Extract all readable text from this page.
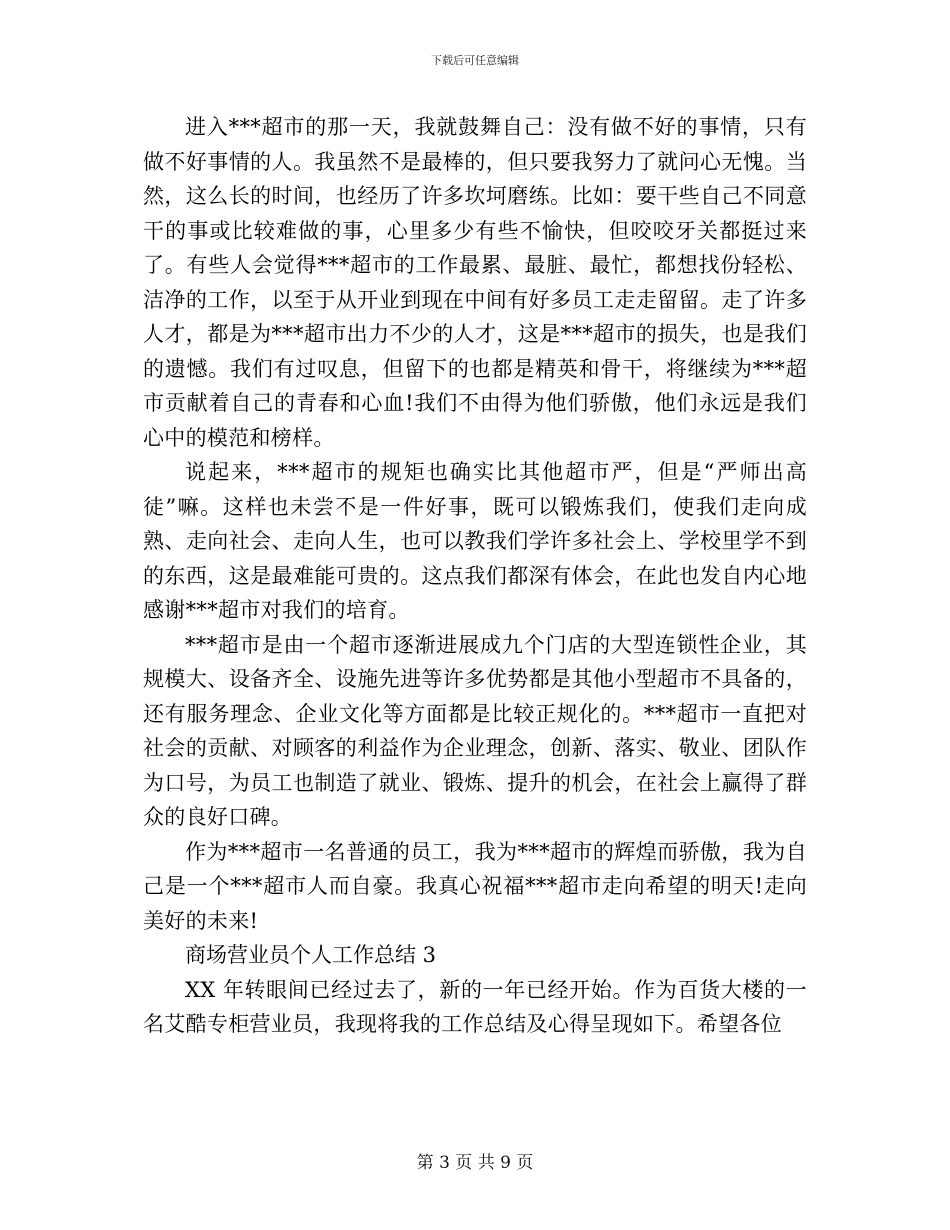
下载后可任意编辑

进入***超市的那一天，我就鼓舞自己：没有做不好的事情，只有做不好事情的人。我虽然不是最棒的，但只要我努力了就问心无愧。当然，这么长的时间，也经历了许多坎坷磨练。比如：要干些自己不同意干的事或比较难做的事，心里多少有些不愉快，但咬咬牙关都挺过来了。有些人会觉得***超市的工作最累、最脏、最忙，都想找份轻松、洁净的工作，以至于从开业到现在中间有好多员工走走留留。走了许多人才，都是为***超市出力不少的人才，这是***超市的损失，也是我们的遗憾。我们有过叹息，但留下的也都是精英和骨干，将继续为***超市贡献着自己的青春和心血!我们不由得为他们骄傲，他们永远是我们心中的模范和榜样。

说起来，***超市的规矩也确实比其他超市严，但是“严师出高徒”嘛。这样也未尝不是一件好事，既可以锻炼我们，使我们走向成熟、走向社会、走向人生，也可以教我们学许多社会上、学校里学不到的东西，这是最难能可贵的。这点我们都深有体会，在此也发自内心地感谢***超市对我们的培育。

***超市是由一个超市逐渐进展成九个门店的大型连锁性企业，其规模大、设备齐全、设施先进等许多优势都是其他小型超市不具备的，还有服务理念、企业文化等方面都是比较正规化的。***超市一直把对社会的贡献、对顾客的利益作为企业理念，创新、落实、敬业、团队作为口号，为员工也制造了就业、锻炼、提升的机会，在社会上赢得了群众的良好口碑。

作为***超市一名普通的员工，我为***超市的辉煌而骄傲，我为自己是一个***超市人而自豪。我真心祝福***超市走向希望的明天!走向美好的未来!

商场营业员个人工作总结 3

XX 年转眼间已经过去了，新的一年已经开始。作为百货大楼的一名艾酷专柜营业员，我现将我的工作总结及心得呈现如下。希望各位

第 3 页 共 9 页
